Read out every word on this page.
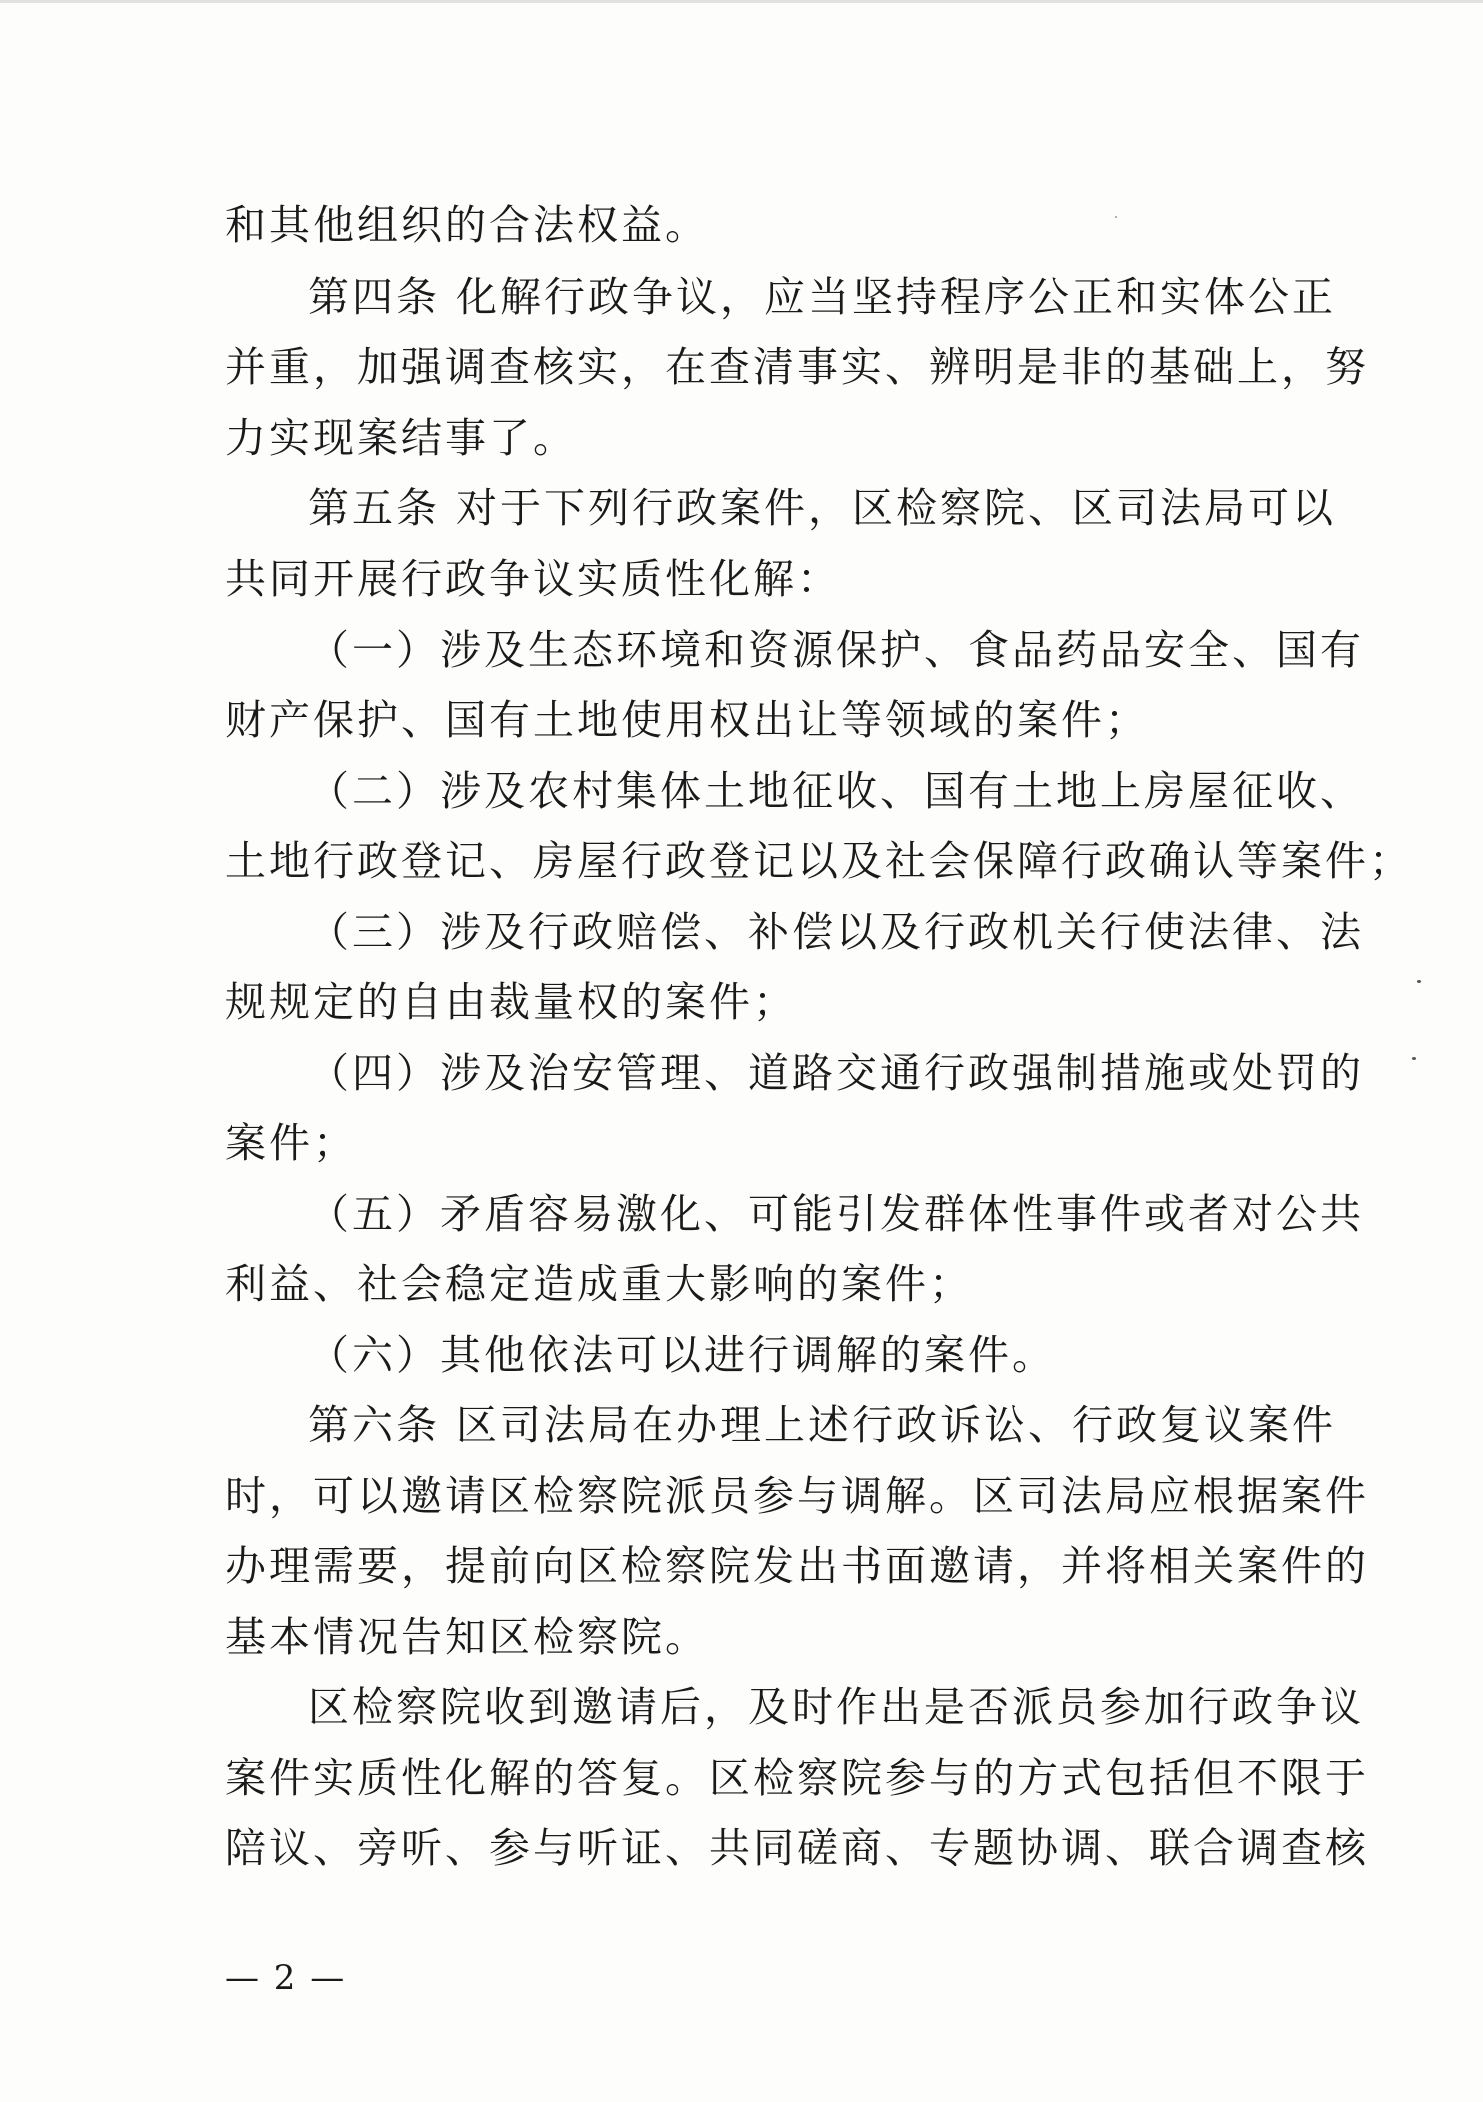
和其他组织的合法权益。
第四条 化解行政争议，应当坚持程序公正和实体公正
并重，加强调查核实，在查清事实、辨明是非的基础上，努
力实现案结事了。
第五条 对于下列行政案件，区检察院、区司法局可以
共同开展行政争议实质性化解：
（一）涉及生态环境和资源保护、食品药品安全、国有
财产保护、国有土地使用权出让等领域的案件；
（二）涉及农村集体土地征收、国有土地上房屋征收、
土地行政登记、房屋行政登记以及社会保障行政确认等案件；
（三）涉及行政赔偿、补偿以及行政机关行使法律、法
规规定的自由裁量权的案件；
（四）涉及治安管理、道路交通行政强制措施或处罚的
案件；
（五）矛盾容易激化、可能引发群体性事件或者对公共
利益、社会稳定造成重大影响的案件；
（六）其他依法可以进行调解的案件。
第六条 区司法局在办理上述行政诉讼、行政复议案件
时，可以邀请区检察院派员参与调解。区司法局应根据案件
办理需要，提前向区检察院发出书面邀请，并将相关案件的
基本情况告知区检察院。
区检察院收到邀请后，及时作出是否派员参加行政争议
案件实质性化解的答复。区检察院参与的方式包括但不限于
陪议、旁听、参与听证、共同磋商、专题协调、联合调查核
— 2 —
